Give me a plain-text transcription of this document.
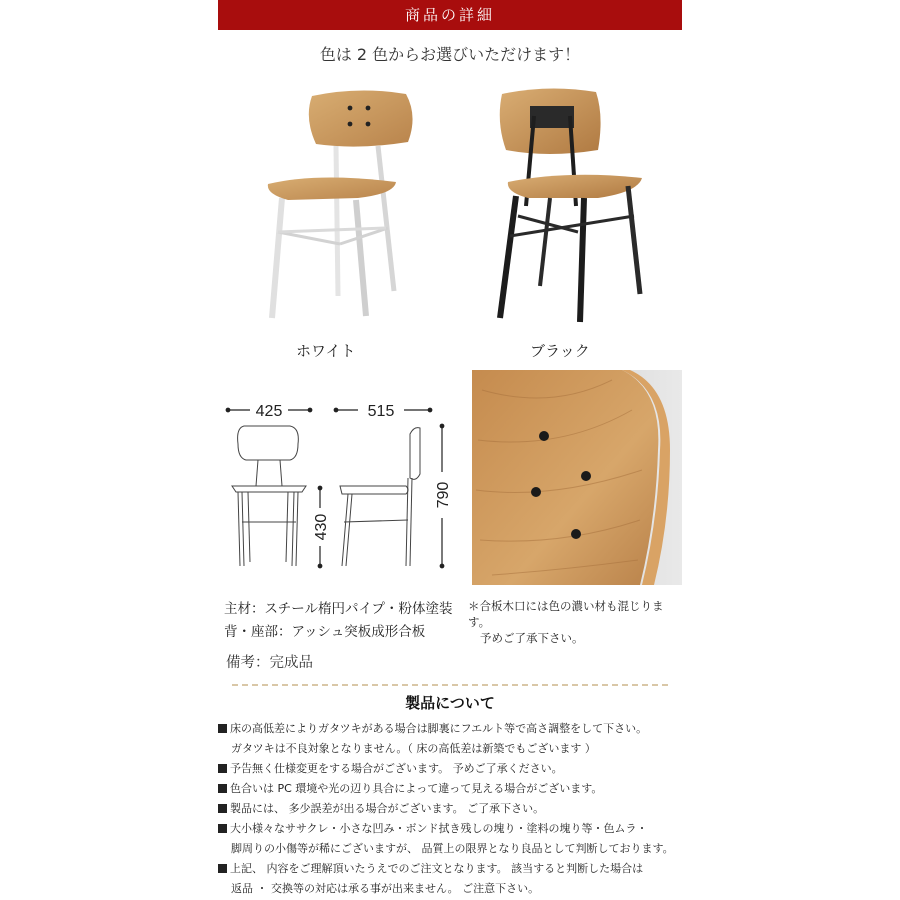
商品の詳細
色は 2 色からお選びいただけます！
ホワイト	ブラック
425	515
430
790
主材：スチール楕円パイプ・粉体塗装
背・座部：アッシュ突板成形合板
＊合板木口には色の濃い材も混じります。
予めご了承下さい。
備考：完成品
製品について
床の高低差によりガタツキがある場合は脚裏にフエルト等で高さ調整をして下さい。
ガタツキは不良対象となりません。（ 床の高低差は新築でもございます ）
予告無く仕様変更をする場合がございます。 予めご了承ください。
色合いは PC 環境や光の辺り具合によって違って見える場合がございます。
製品には、 多少誤差が出る場合がございます。 ご了承下さい。
大小様々なササクレ・小さな凹み・ボンド拭き残しの塊り・塗料の塊り等・色ムラ・
脚周りの小傷等が稀にございますが、 品質上の限界となり良品として判断しております。
上記、 内容をご理解頂いたうえでのご注文となります。 該当すると判断した場合は
返品 ・ 交換等の対応は承る事が出来ません。 ご注意下さい。
